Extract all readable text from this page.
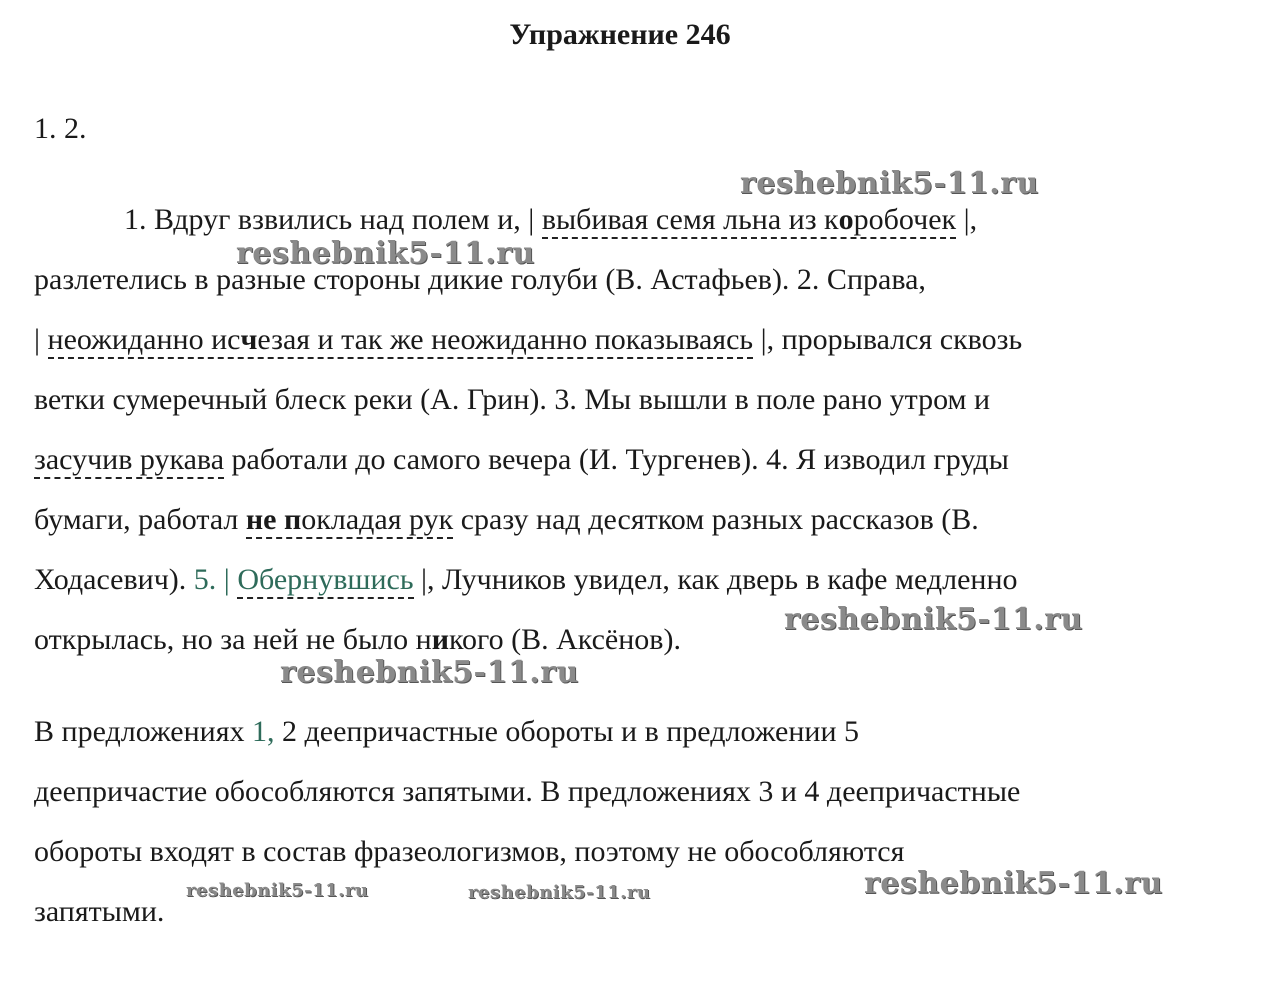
Упражнение 246
1. 2.
1. Вдруг взвились над полем и, | выбивая семя льна из коробочек |,
разлетелись в разные стороны дикие голуби (В. Астафьев). 2. Справа,
| неожиданно исчезая и так же неожиданно показываясь |, прорывался сквозь
ветки сумеречный блеск реки (А. Грин). 3. Мы вышли в поле рано утром и
засучив рукава работали до самого вечера (И. Тургенев). 4. Я изводил груды
бумаги, работал не покладая рук сразу над десятком разных рассказов (В.
Ходасевич). 5. | Обернувшись |, Лучников увидел, как дверь в кафе медленно
открылась, но за ней не было никого (В. Аксёнов).
В предложениях 1, 2 деепричастные обороты и в предложении 5
деепричастие обособляются запятыми. В предложениях 3 и 4 деепричастные
обороты входят в состав фразеологизмов, поэтому не обособляются
запятыми.
reshebnik5-11.ru
reshebnik5-11.ru
reshebnik5-11.ru
reshebnik5-11.ru
reshebnik5-11.ru	reshebnik5-11.ru	reshebnik5-11.ru
